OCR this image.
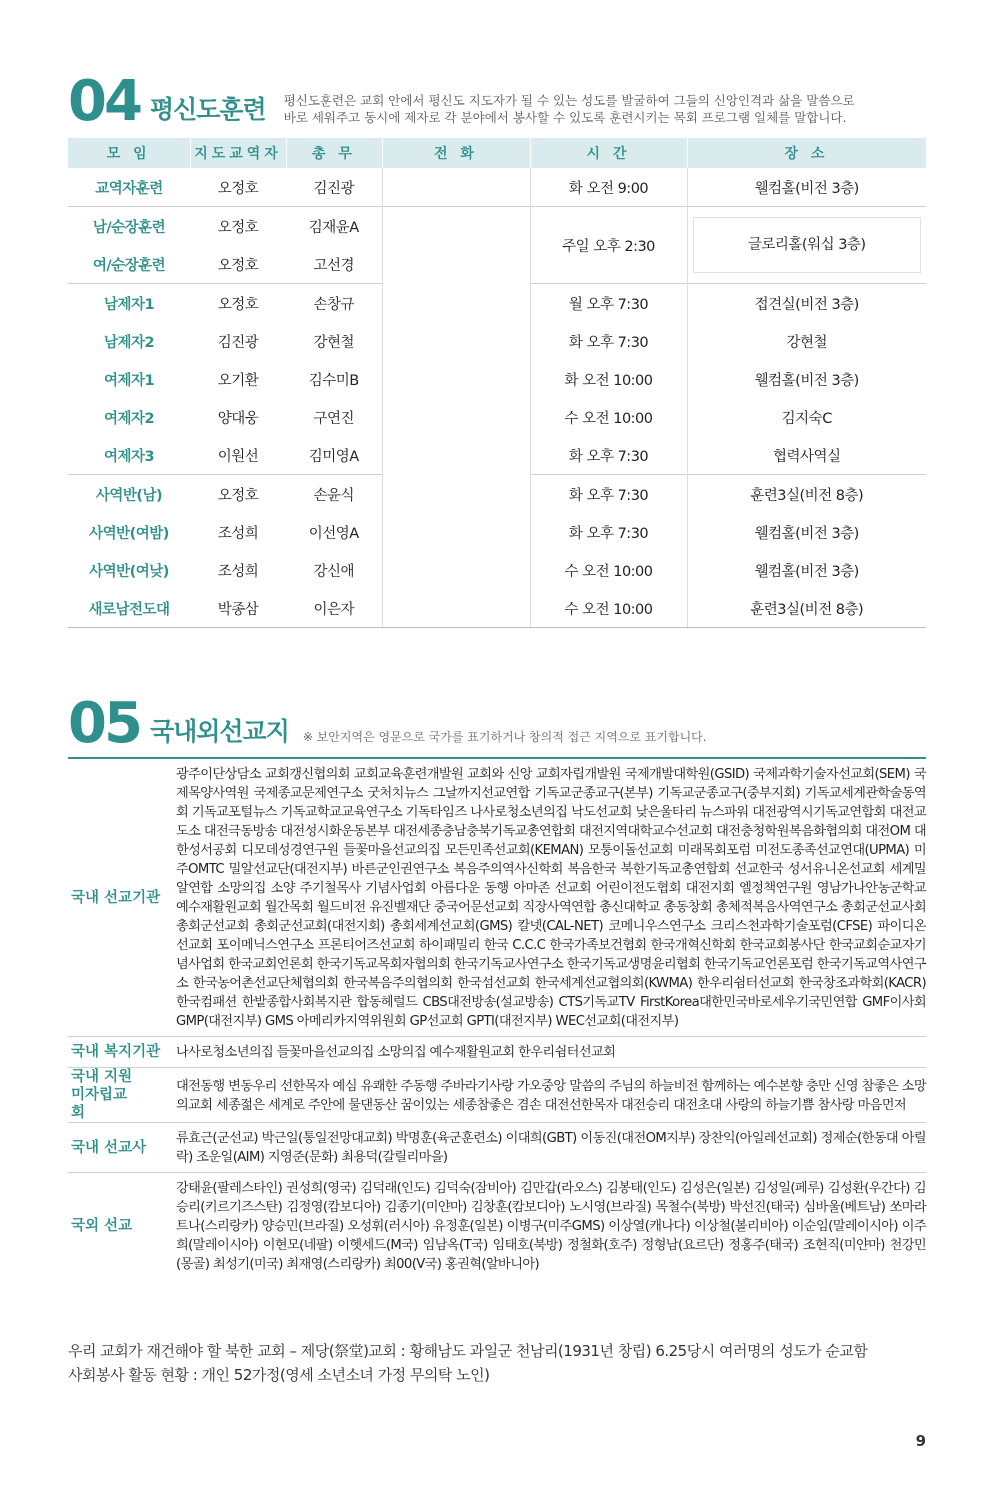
04 평신도훈련 평신도훈련은 교회 안에서 평신도 지도자가 될 수 있는 성도를 발굴하여 그들의 신앙인격과 삶을 말씀으로
바로 세워주고 동시에 제자로 각 분야에서 봉사할 수 있도록 훈련시키는 목회 프로그램 일체를 말합니다.
모 임	지도교역자	총 무	전 화	시 간	장 소
교역자훈련	오정호	김진광		화 오전 9:00	웰컴홀(비전 3층)
남/순장훈련	오정호	김재윤A		주일 오후 2:30	글로리홀(워십 3층)
여/순장훈련	오정호	고선경			
남제자1	오정호	손창규		월 오후 7:30	접견실(비전 3층)
남제자2	김진광	강현철		화 오후 7:30	강현철
여제자1	오기환	김수미B		화 오전 10:00	웰컴홀(비전 3층)
여제자2	양대웅	구연진		수 오전 10:00	김지숙C
여제자3	이원선	김미영A		화 오후 7:30	협력사역실
사역반(남)	오정호	손윤식		화 오후 7:30	훈련3실(비전 8층)
사역반(여밤)	조성희	이선영A		화 오후 7:30	웰컴홀(비전 3층)
사역반(여낮)	조성희	강신애		수 오전 10:00	웰컴홀(비전 3층)
새로남전도대	박종삼	이은자		수 오전 10:00	훈련3실(비전 8층)
05 국내외선교지 ※ 보안지역은 영문으로 국가를 표기하거나 창의적 접근 지역으로 표기합니다.
국내 선교기관	광주이단상담소 교회갱신협의회 교회교육훈련개발원 교회와 신앙 교회자립개발원 국제개발대학원(GSID) 국제과학기술자선교회(SEM) 국제목양사역원 국제종교문제연구소 굿처치뉴스 그날까지선교연합 기독교군종교구(본부) 기독교군종교구(중부지회) 기독교세계관학술동역회 기독교포털뉴스 기독교학교교육연구소 기독타임즈 나사로청소년의집 낙도선교회 낮은울타리 뉴스파워 대전광역시기독교연합회 대전교도소 대전극동방송 대전성시화운동본부 대전세종충남충북기독교총연합회 대전지역대학교수선교회 대전충청학원복음화협의회 대전OM 대한성서공회 디모데성경연구원 들꽃마을선교의집 모든민족선교회(KEMAN) 모퉁이돌선교회 미래목회포럼 미전도종족선교연대(UPMA) 미주OMTC 밀알선교단(대전지부) 바른군인권연구소 복음주의역사신학회 복음한국 북한기독교총연합회 선교한국 성서유니온선교회 세계밀알연합 소망의집 소양 주기철목사 기념사업회 아름다운 동행 아마존 선교회 어린이전도협회 대전지회 엘정책연구원 영남가나안농군학교 예수재활원교회 월간목회 월드비전 유진벨재단 중국어문선교회 직장사역연합 총신대학교 총동창회 총체적복음사역연구소 총회군선교사회 총회군선교회 총회군선교회(대전지회) 총회세계선교회(GMS) 칼넷(CAL-NET) 코메니우스연구소 크리스천과학기술포럼(CFSE) 파이디온선교회 포이메닉스연구소 프론티어즈선교회 하이패밀리 한국 C.C.C 한국가족보건협회 한국개혁신학회 한국교회봉사단 한국교회순교자기념사업회 한국교회언론회 한국기독교목회자협의회 한국기독교사연구소 한국기독교생명윤리협회 한국기독교언론포럼 한국기독교역사연구소 한국농어촌선교단체협의회 한국복음주의협의회 한국섬선교회 한국세계선교협의회(KWMA) 한우리쉼터선교회 한국창조과학회(KACR) 한국컴패션 한밭종합사회복지관 합동헤럴드 CBS대전방송(설교방송) CTS기독교TV FirstKorea대한민국바로세우기국민연합 GMF이사회 GMP(대전지부) GMS 아메리카지역위원회 GP선교회 GPTI(대전지부) WEC선교회(대전지부)
국내 복지기관	나사로청소년의집 들꽃마을선교의집 소망의집 예수재활원교회 한우리쉼터선교회
국내 지원 미자립교회	대전동행 변동우리 선한목자 예심 유쾌한 주동행 주바라기사랑 가오중앙 말씀의 주님의 하늘비전 함께하는 예수본향 충만 신영 참좋은 소망의교회 세종젊은 세계로 주안에 물댄동산 꿈이있는 세종참좋은 겸손 대전선한목자 대전승리 대전초대 사랑의 하늘기쁨 참사랑 마음먼저
국내 선교사	류효근(군선교) 박근일(통일전망대교회) 박명훈(육군훈련소) 이대희(GBT) 이동진(대전OM지부) 장찬익(아일레선교회) 정제순(한동대 아릴락) 조운일(AIM) 지영준(문화) 최용덕(갈릴리마을)
국외 선교	강태윤(팔레스타인) 권성희(영국) 김덕래(인도) 김덕숙(잠비아) 김만갑(라오스) 김봉태(인도) 김성은(일본) 김성일(페루) 김성환(우간다) 김승리(키르기즈스탄) 김정영(캄보디아) 김종기(미얀마) 김창훈(캄보디아) 노시영(브라질) 목철수(북방) 박선진(태국) 심바울(베트남) 쏘마라트나(스리랑카) 양승민(브라질) 오성휘(러시아) 유정훈(일본) 이병구(미주GMS) 이상열(캐나다) 이상철(볼리비아) 이순임(말레이시아) 이주희(말레이시아) 이현모(네팔) 이헷세드(M국) 임남옥(T국) 임태호(북방) 정철화(호주) 정형남(요르단) 정홍주(태국) 조현직(미얀마) 천강민(몽골) 최성기(미국) 최재영(스리랑카) 최00(V국) 홍권혁(알바니아)
우리 교회가 재건해야 할 북한 교회 – 제당(祭堂)교회 : 황해남도 과일군 천남리(1931년 창립) 6.25당시 여러명의 성도가 순교함
사회봉사 활동 현황 : 개인 52가정(영세 소년소녀 가정 무의탁 노인)
9
